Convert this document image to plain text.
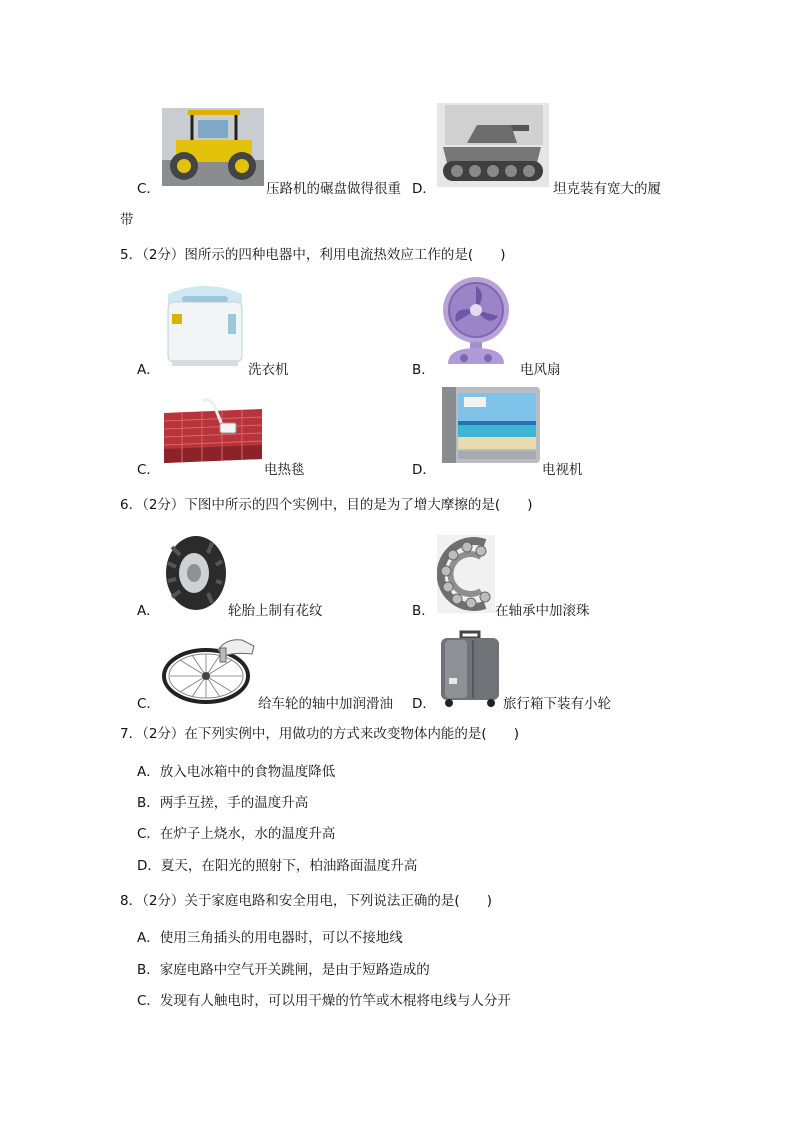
C．	压路机的碾盘做得很重 D．	坦克装有宽大的履
带
5．（2分）图所示的四种电器中，利用电流热效应工作的是(　　)
A．	洗衣机	B．	电风扇
C．	电热毯	D．	电视机
6．（2分）下图中所示的四个实例中，目的是为了增大摩擦的是(　　)
A．	轮胎上制有花纹	B．	在轴承中加滚珠
C．	给车轮的轴中加润滑油 D．	旅行箱下装有小轮
7．（2分）在下列实例中，用做功的方式来改变物体内能的是(　　)
A．放入电冰箱中的食物温度降低
B．两手互搓，手的温度升高
C．在炉子上烧水，水的温度升高
D．夏天，在阳光的照射下，柏油路面温度升高
8．（2分）关于家庭电路和安全用电，下列说法正确的是(　　)
A．使用三角插头的用电器时，可以不接地线
B．家庭电路中空气开关跳闸，是由于短路造成的
C．发现有人触电时，可以用干燥的竹竿或木棍将电线与人分开
